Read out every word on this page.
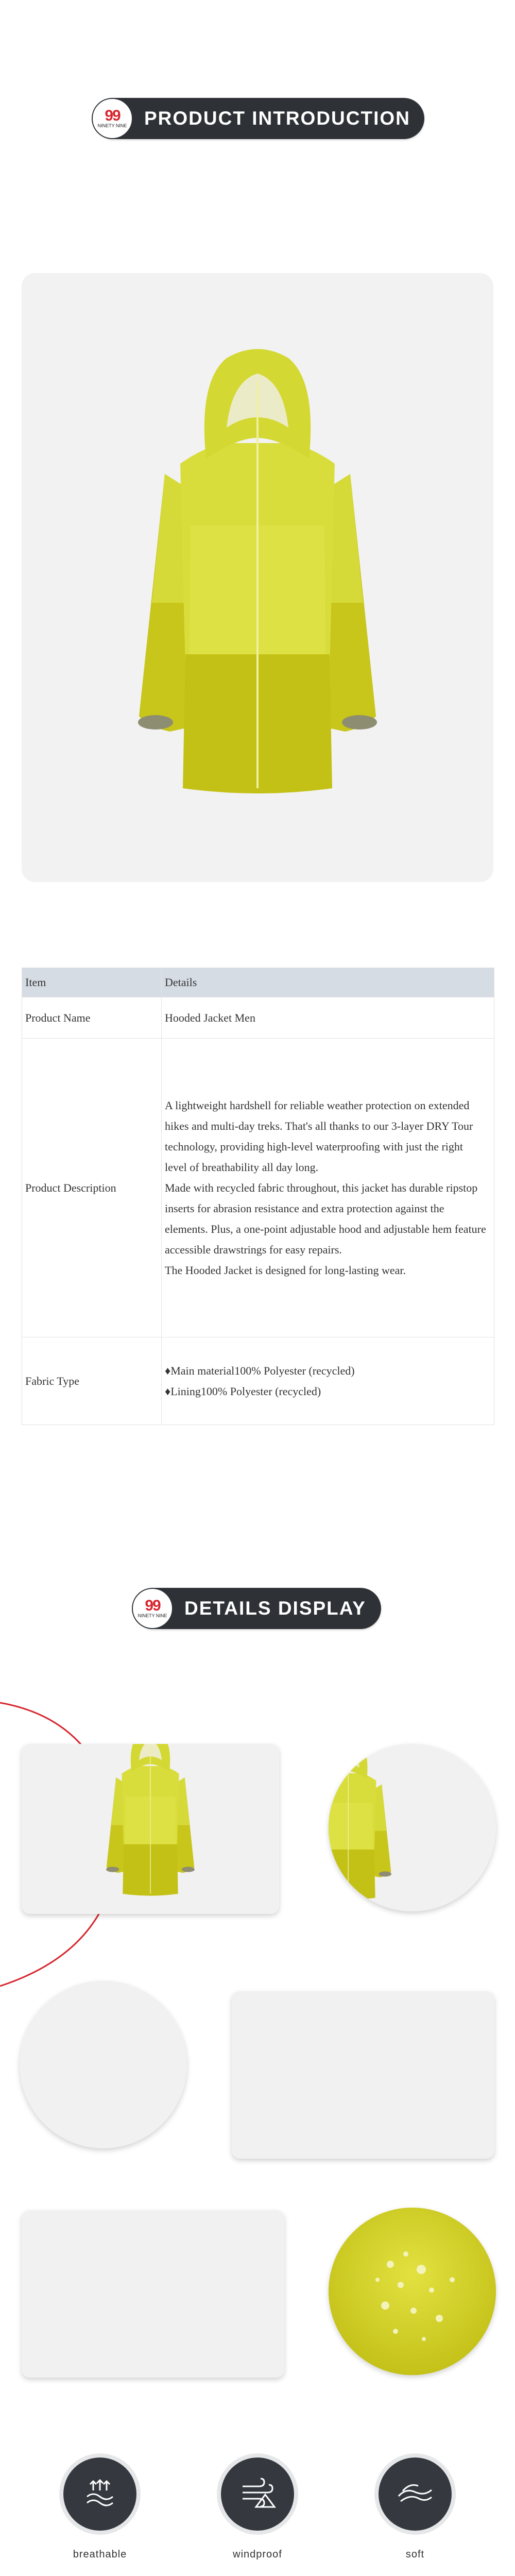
99
NINETY NINE PRODUCT INTRODUCTION
Item	Details
Product Name	Hooded Jacket Men
Product Description	A lightweight hardshell for reliable weather protection on extended hikes and multi-day treks. That's all thanks to our 3-layer DRY Tour technology, providing high-level waterproofing with just the right level of breathability all day long.
Made with recycled fabric throughout, this jacket has durable ripstop inserts for abrasion resistance and extra protection against the elements. Plus, a one-point adjustable hood and adjustable hem feature accessible drawstrings for easy repairs.
The Hooded Jacket is designed for long-lasting wear.

Fabric Type	♦Main material100% Polyester (recycled)
♦Lining100% Polyester (recycled)
99
NINETY NINE DETAILS DISPLAY
breathable	windproof	soft
